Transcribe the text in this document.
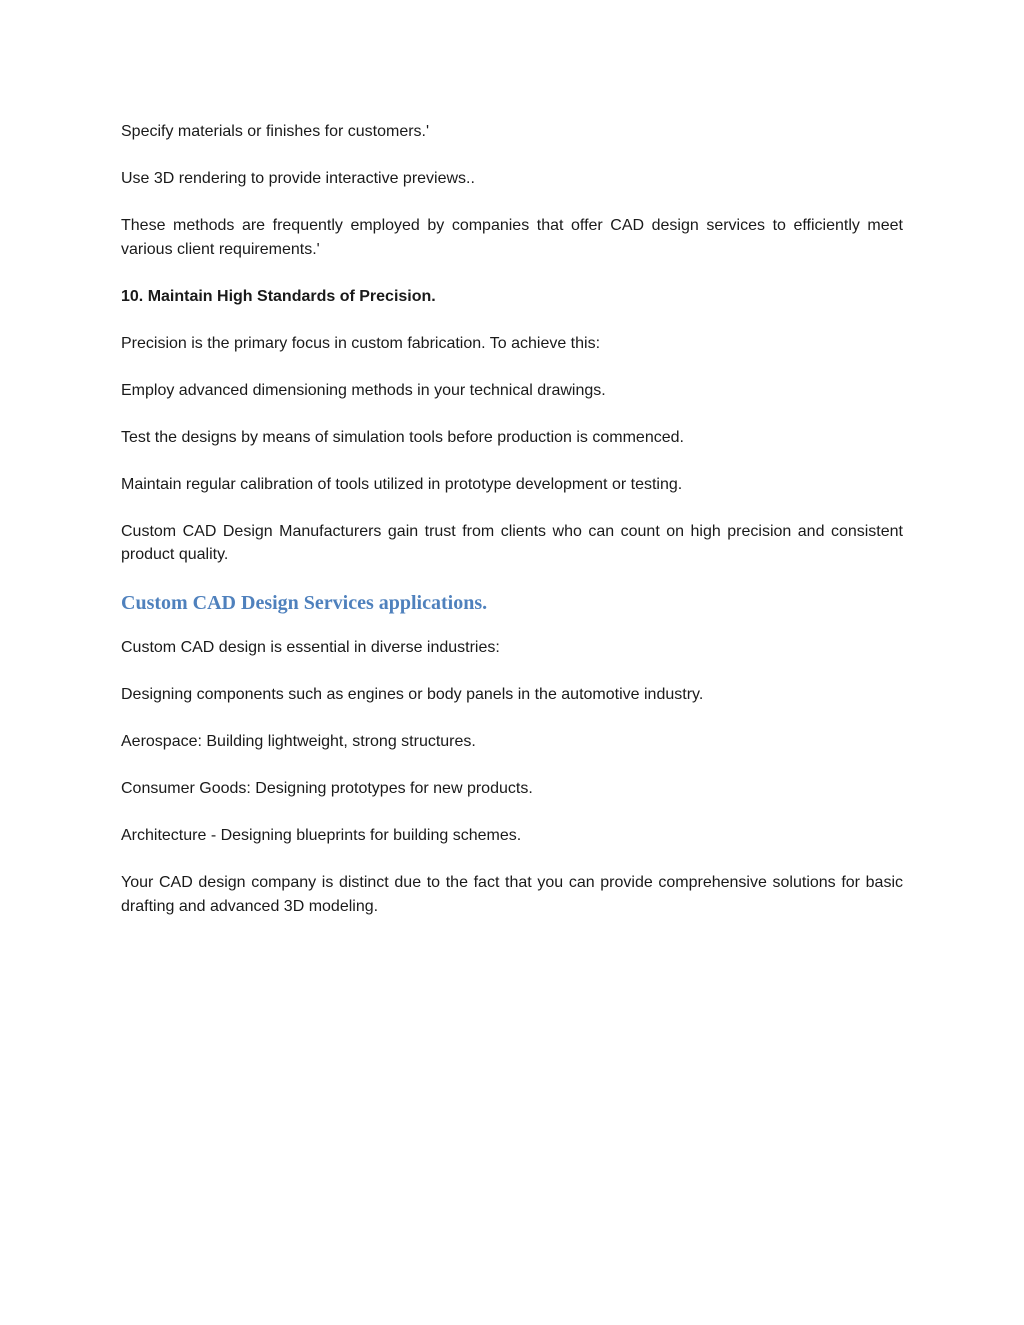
Specify materials or finishes for customers.'

Use 3D rendering to provide interactive previews..

These methods are frequently employed by companies that offer CAD design services to efficiently meet various client requirements.'

10. Maintain High Standards of Precision.

Precision is the primary focus in custom fabrication. To achieve this:

Employ advanced dimensioning methods in your technical drawings.

Test the designs by means of simulation tools before production is commenced.

Maintain regular calibration of tools utilized in prototype development or testing.

Custom CAD Design Manufacturers gain trust from clients who can count on high precision and consistent product quality.

Custom CAD Design Services applications.

Custom CAD design is essential in diverse industries:

Designing components such as engines or body panels in the automotive industry.

Aerospace: Building lightweight, strong structures.

Consumer Goods: Designing prototypes for new products.

Architecture - Designing blueprints for building schemes.

Your CAD design company is distinct due to the fact that you can provide comprehensive solutions for basic drafting and advanced 3D modeling.
